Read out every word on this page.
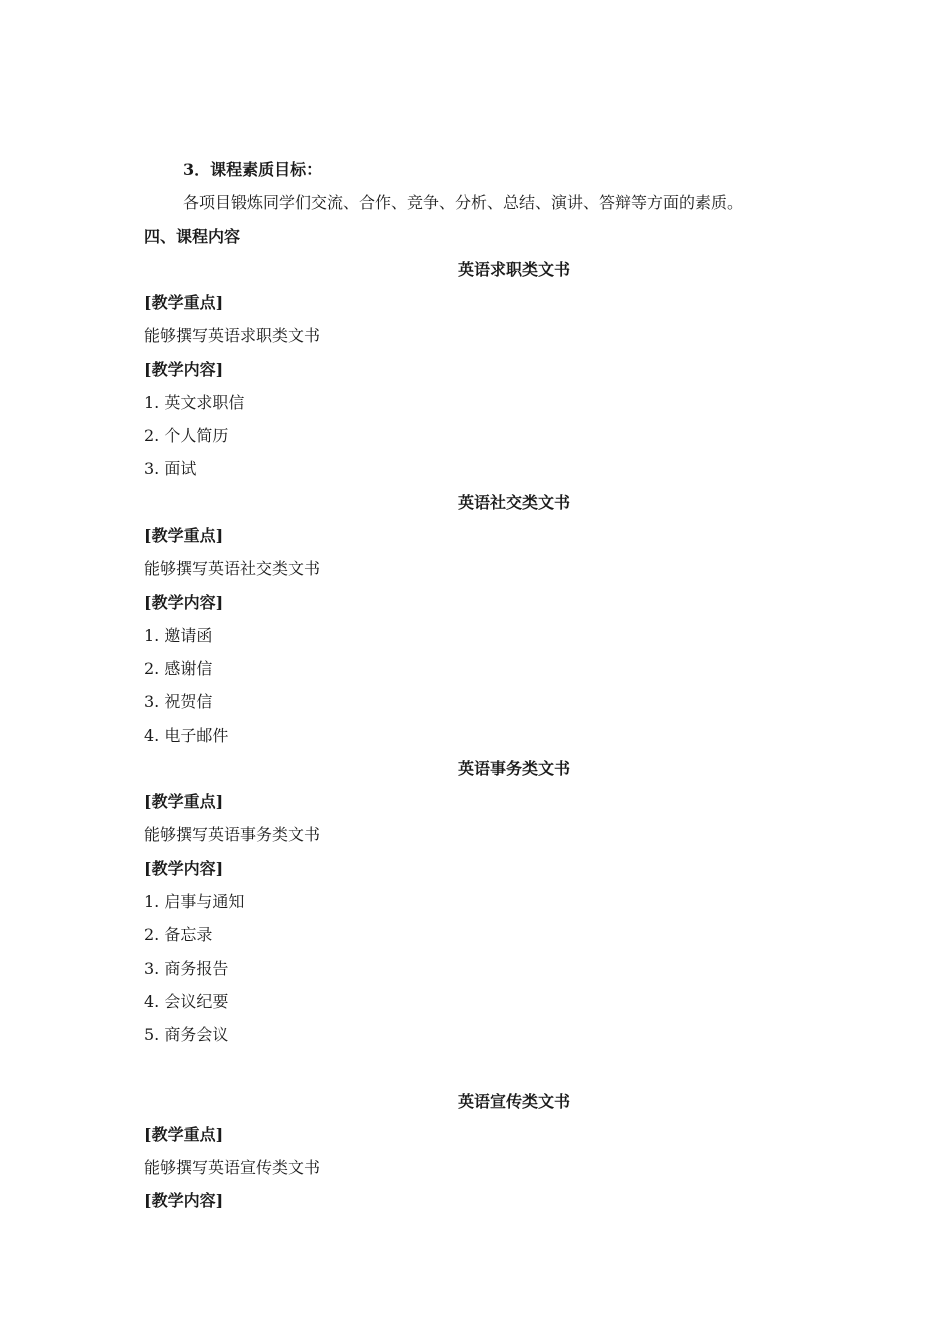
3．课程素质目标：
各项目锻炼同学们交流、合作、竞争、分析、总结、演讲、答辩等方面的素质。
四、课程内容
英语求职类文书
[教学重点]
能够撰写英语求职类文书
[教学内容]
1. 英文求职信
2. 个人简历
3. 面试
英语社交类文书
[教学重点]
能够撰写英语社交类文书
[教学内容]
1. 邀请函
2. 感谢信
3. 祝贺信
4. 电子邮件
英语事务类文书
[教学重点]
能够撰写英语事务类文书
[教学内容]
1. 启事与通知
2. 备忘录
3. 商务报告
4. 会议纪要
5. 商务会议
英语宣传类文书
[教学重点]
能够撰写英语宣传类文书
[教学内容]
